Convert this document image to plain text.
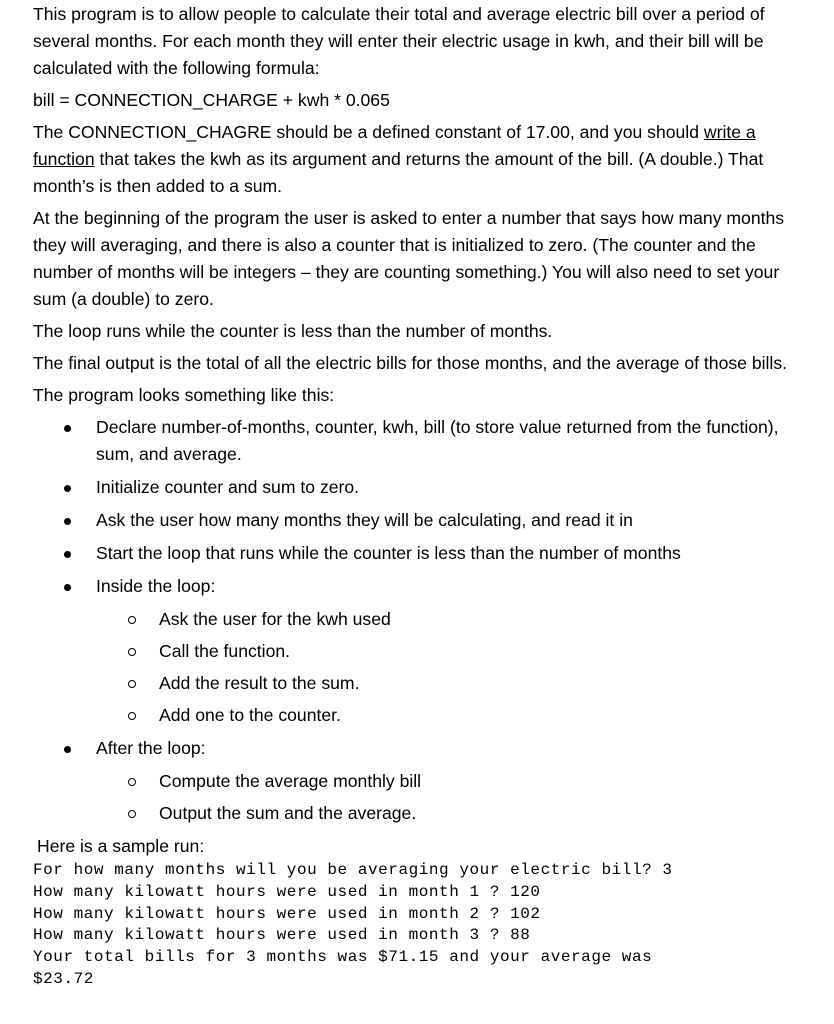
This program is to allow people to calculate their total and average electric bill over a period of several months. For each month they will enter their electric usage in kwh, and their bill will be calculated with the following formula:

bill = CONNECTION_CHARGE + kwh * 0.065

The CONNECTION_CHAGRE should be a defined constant of 17.00, and you should write a function that takes the kwh as its argument and returns the amount of the bill. (A double.) That month’s is then added to a sum.

At the beginning of the program the user is asked to enter a number that says how many months they will averaging, and there is also a counter that is initialized to zero. (The counter and the number of months will be integers – they are counting something.) You will also need to set your sum (a double) to zero.

The loop runs while the counter is less than the number of months.

The final output is the total of all the electric bills for those months, and the average of those bills.

The program looks something like this:

Declare number-of-months, counter, kwh, bill (to store value returned from the function), sum, and average.
Initialize counter and sum to zero.
Ask the user how many months they will be calculating, and read it in
Start the loop that runs while the counter is less than the number of months
Inside the loop:
Ask the user for the kwh used
Call the function.
Add the result to the sum.
Add one to the counter.
After the loop:
Compute the average monthly bill
Output the sum and the average.

Here is a sample run:

For how many months will you be averaging your electric bill? 3
How many kilowatt hours were used in month 1 ? 120
How many kilowatt hours were used in month 2 ? 102
How many kilowatt hours were used in month 3 ? 88
Your total bills for 3 months was $71.15 and your average was
$23.72
